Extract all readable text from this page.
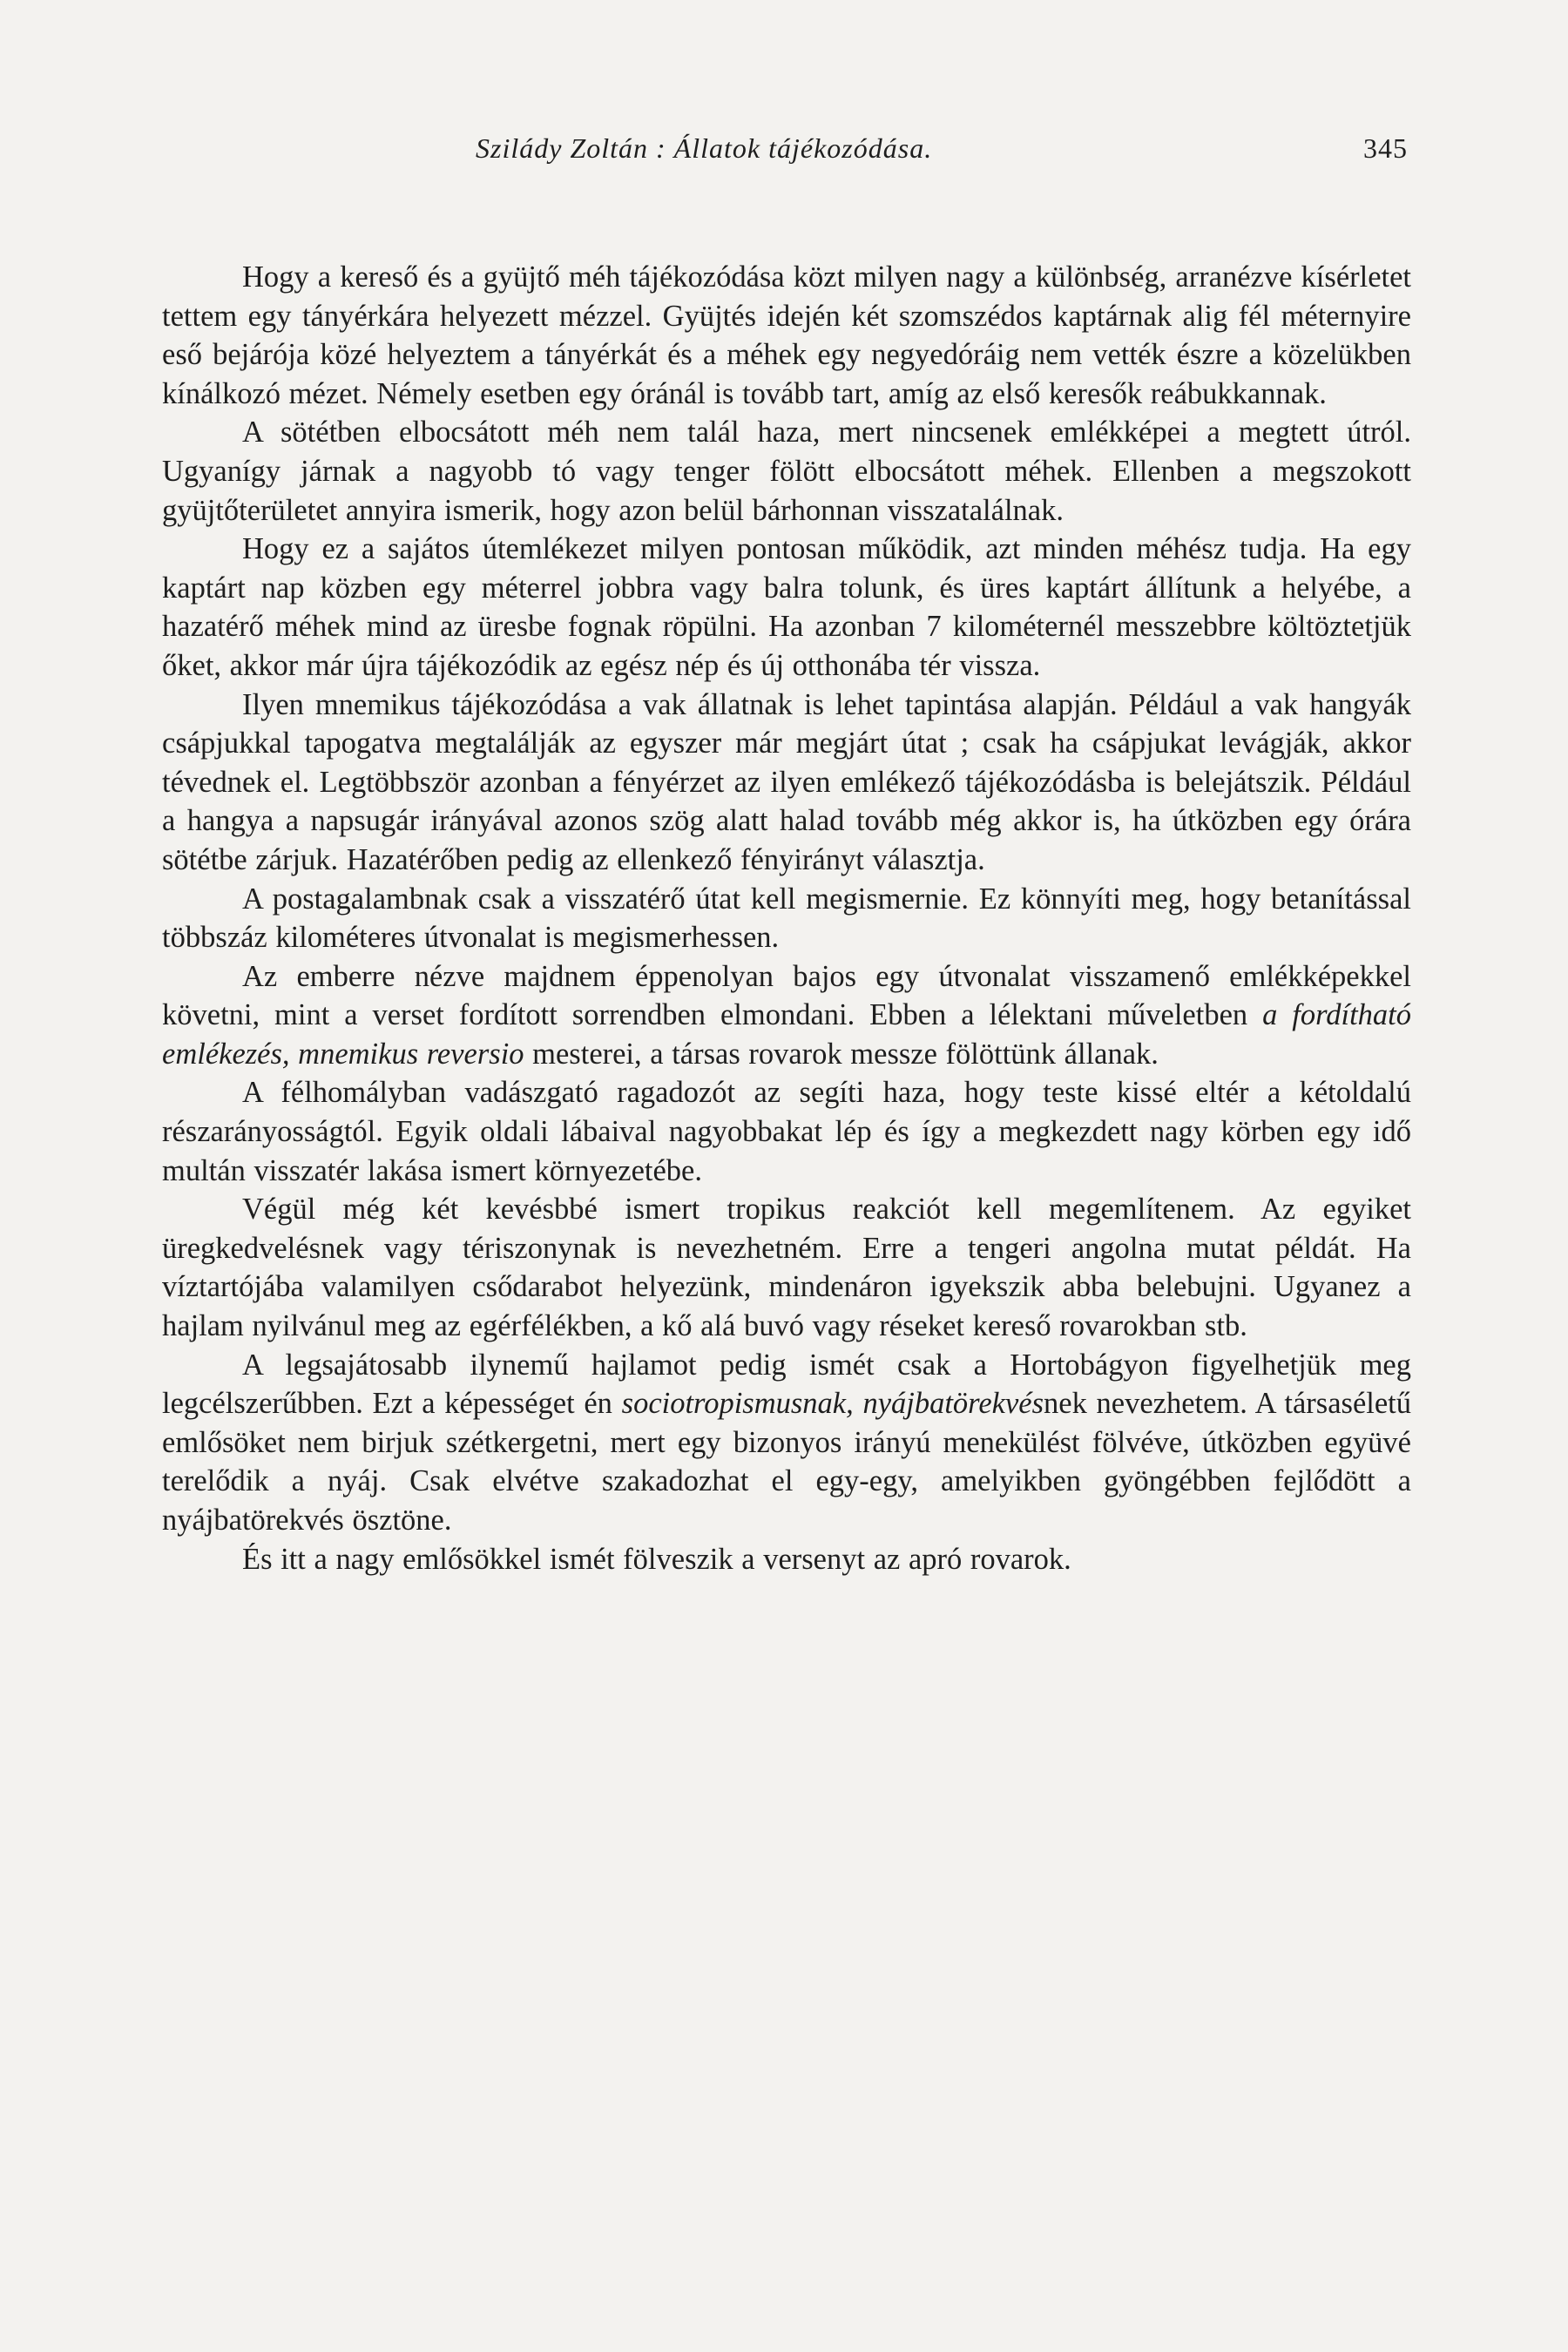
Sziládу Zoltán : Állatok tájékozódása.	345

Hogy a kereső és a gyüjtő méh tájékozódása közt milyen nagy a különbség, arranézve kísérletet tettem egy tányérkára helyezett mézzel. Gyüjtés idején két szomszédos kaptárnak alig fél méternyire eső bejárója közé helyeztem a tányérkát és a méhek egy negyedóráig nem vették észre a közelükben kínálkozó mézet. Némely esetben egy óránál is tovább tart, amíg az első keresők reábukkannak.

A sötétben elbocsátott méh nem talál haza, mert nincsenek emlékképei a megtett útról. Ugyanígy járnak a nagyobb tó vagy tenger fölött elbocsátott méhek. Ellenben a megszokott gyüjtőterületet annyira ismerik, hogy azon belül bárhonnan visszatalálnak.

Hogy ez a sajátos útemlékezet milyen pontosan működik, azt minden méhész tudja. Ha egy kaptárt nap közben egy méterrel jobbra vagy balra tolunk, és üres kaptárt állítunk a helyébe, a hazatérő méhek mind az üresbe fognak röpülni. Ha azonban 7 kilométernél messzebbre költöztetjük őket, akkor már újra tájékozódik az egész nép és új otthonába tér vissza.

Ilyen mnemikus tájékozódása a vak állatnak is lehet tapintása alapján. Például a vak hangyák csápjukkal tapogatva megtalálják az egyszer már megjárt útat ; csak ha csápjukat levágják, akkor tévednek el. Legtöbbször azonban a fényérzet az ilyen emlékező tájékozódásba is belejátszik. Például a hangya a napsugár irányával azonos szög alatt halad tovább még akkor is, ha útközben egy órára sötétbe zárjuk. Hazatérőben pedig az ellenkező fényirányt választja.

A postagalambnak csak a visszatérő útat kell megismernie. Ez könnyíti meg, hogy betanítással többszáz kilométeres útvonalat is megismerhessen.

Az emberre nézve majdnem éppenolyan bajos egy útvonalat visszamenő emlékképekkel követni, mint a verset fordított sorrendben elmondani. Ebben a lélektani műveletben a fordítható emlékezés, mnemikus reversio mesterei, a társas rovarok messze fölöttünk állanak.

A félhomályban vadászgató ragadozót az segíti haza, hogy teste kissé eltér a kétoldalú részarányosságtól. Egyik oldali lábaival nagyobbakat lép és így a megkezdett nagy körben egy idő multán visszatér lakása ismert környezetébe.

Végül még két kevésbbé ismert tropikus reakciót kell megemlítenem. Az egyiket üregkedvelésnek vagy tériszonynak is nevezhetném. Erre a tengeri angolna mutat példát. Ha víztartójába valamilyen csődarabot helyezünk, mindenáron igyekszik abba belebujni. Ugyanez a hajlam nyilvánul meg az egérfélékben, a kő alá buvó vagy réseket kereső rovarokban stb.

A legsajátosabb ilynemű hajlamot pedig ismét csak a Hortobágyon figyelhetjük meg legcélszerűbben. Ezt a képességet én sociotropismusnak, nyájbatörekvésnek nevezhetem. A társaséletű emlősöket nem birjuk szétkergetni, mert egy bizonyos irányú menekülést fölvéve, útközben együvé terelődik a nyáj. Csak elvétve szakadozhat el egy-egy, amelyikben gyöngébben fejlődött a nyájbatörekvés ösztöne.

És itt a nagy emlősökkel ismét fölveszik a versenyt az apró rovarok.
